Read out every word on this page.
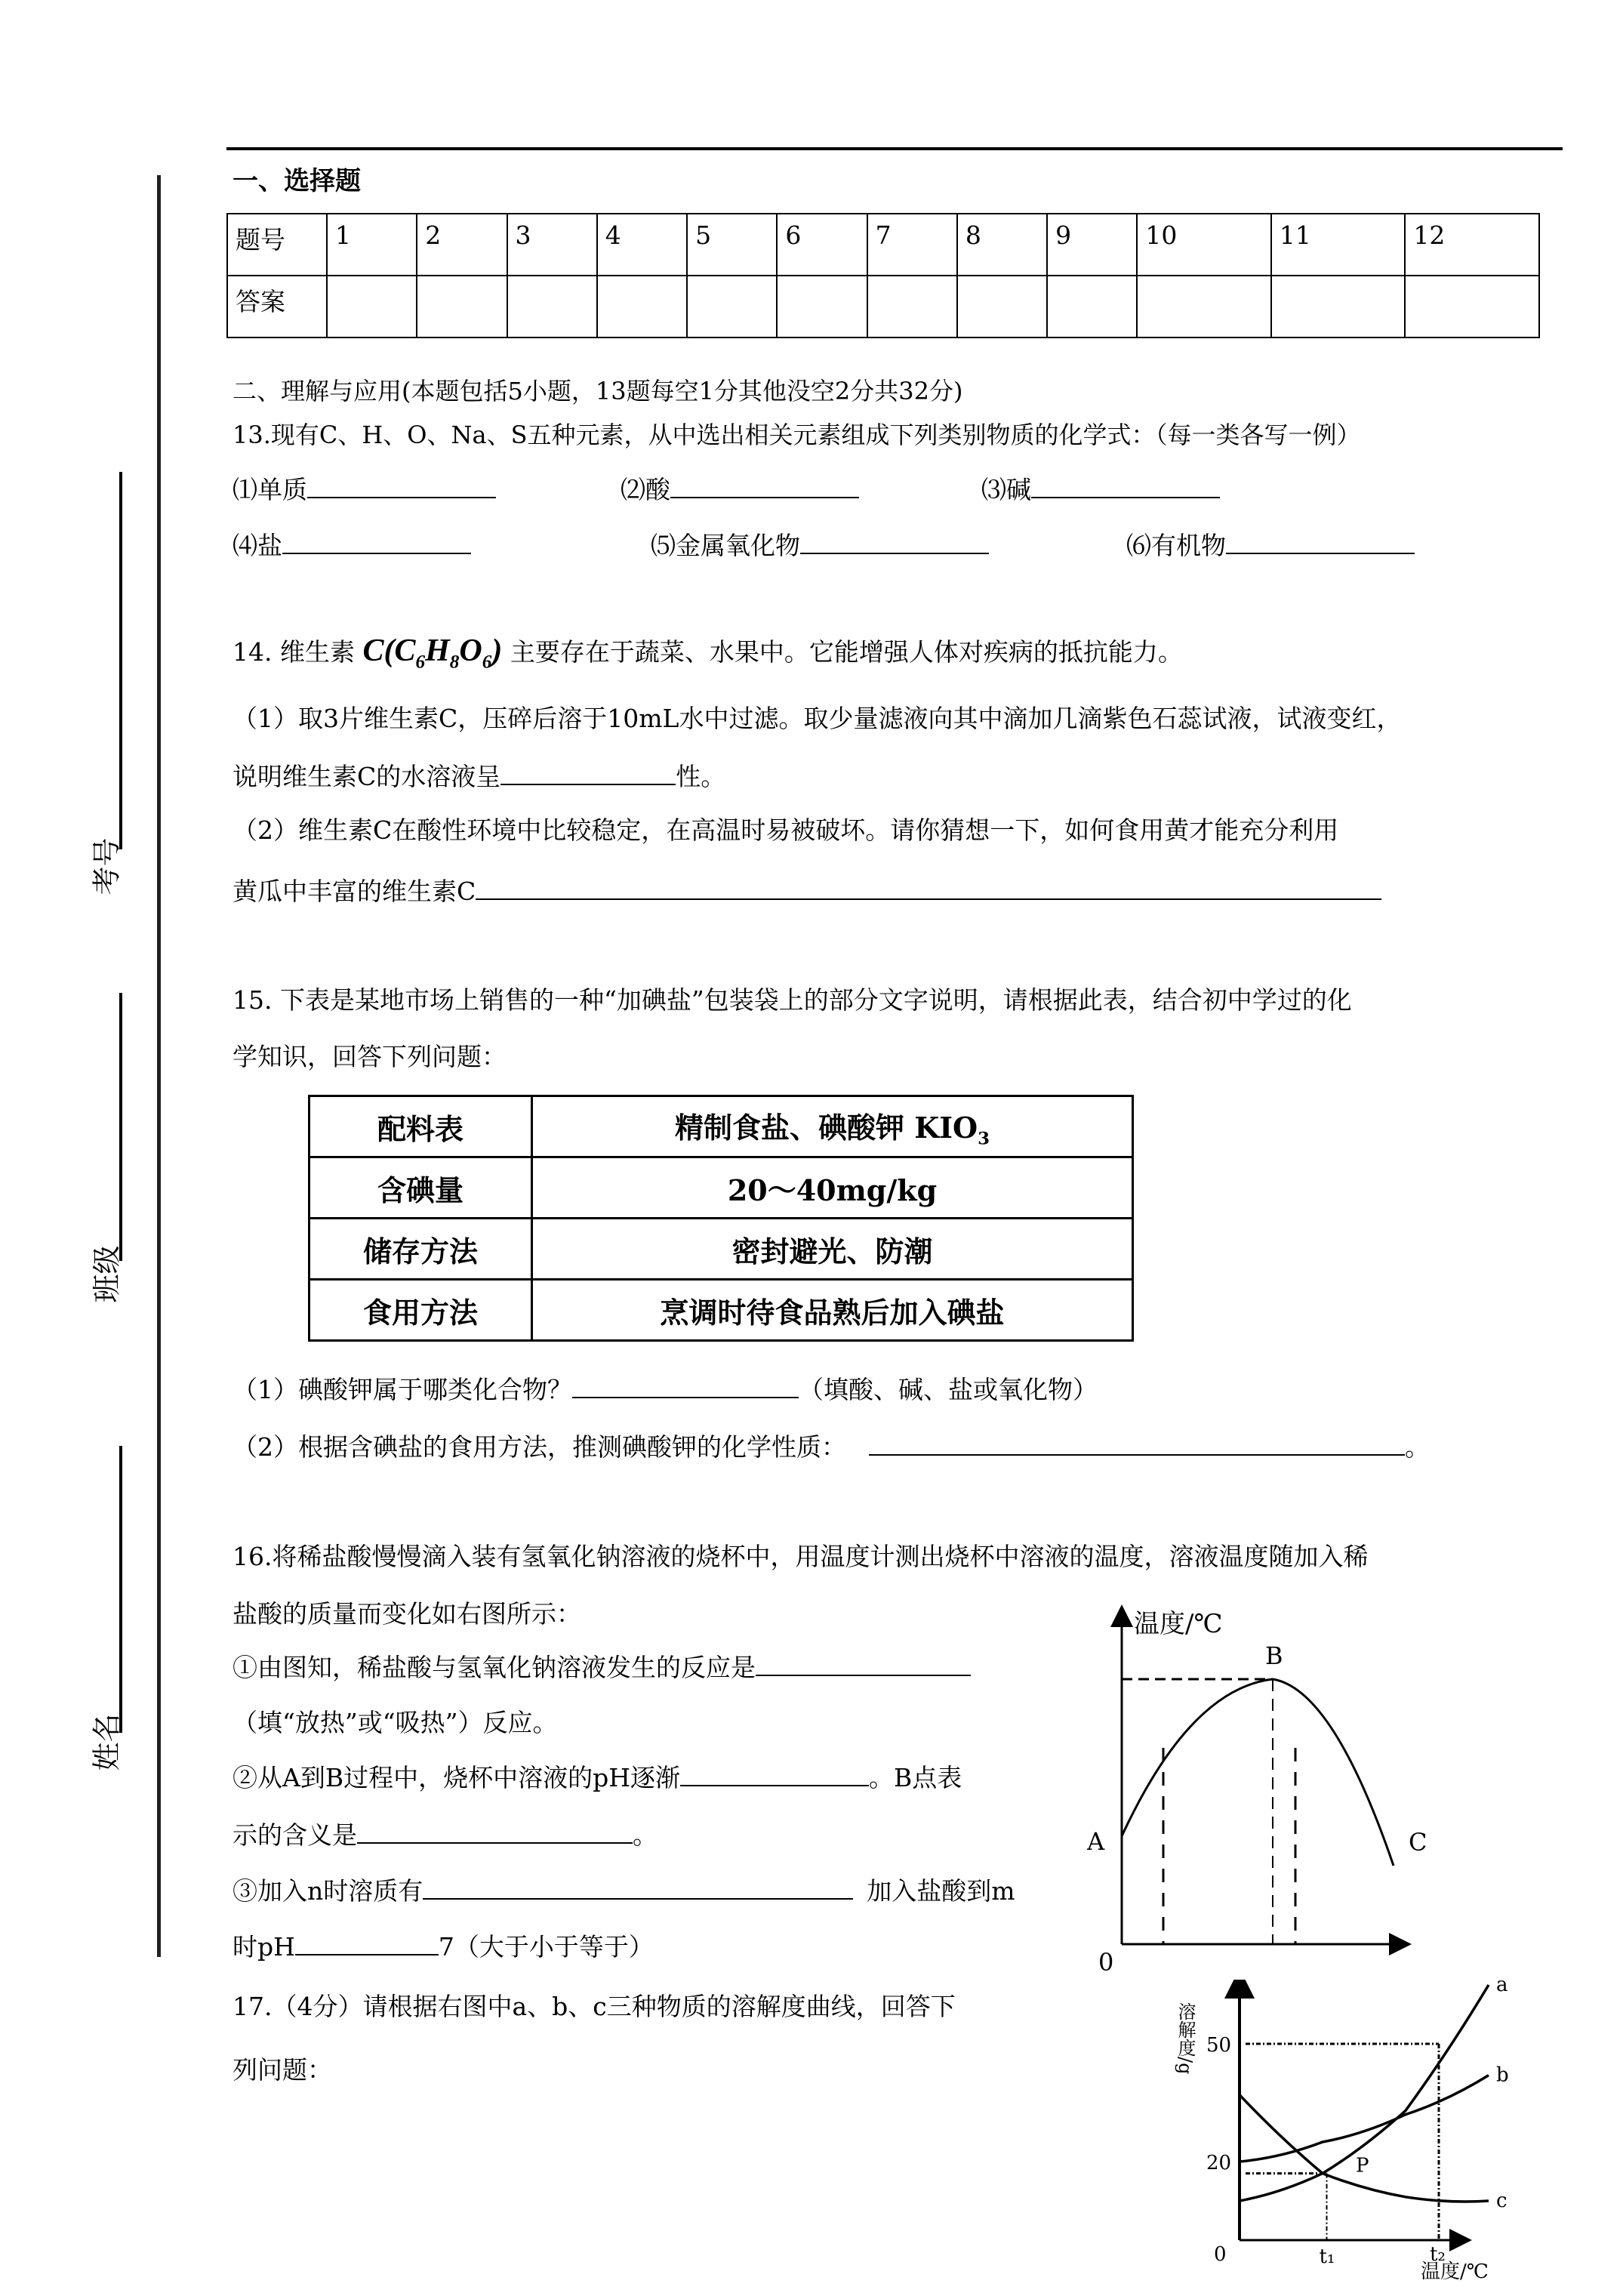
考号
班级
姓名
一、选择题
题号	1	2	3	4	5	6	7	8	9	10	11	12
答案												
二、理解与应用(本题包括5小题，13题每空1分其他没空2分共32分)
13.现有C、H、O、Na、S五种元素，从中选出相关元素组成下列类别物质的化学式：（每一类各写一例）
⑴单质	⑵酸	⑶碱
⑷盐	⑸金属氧化物	⑹有机物
14. 维生素 $C(C_6H_8O_6)$ 主要存在于蔬菜、水果中。它能增强人体对疾病的抵抗能力。
（1）取3片维生素C，压碎后溶于10mL水中过滤。取少量滤液向其中滴加几滴紫色石蕊试液，试液变红，
说明维生素C的水溶液呈	性。
（2）维生素C在酸性环境中比较稳定，在高温时易被破坏。请你猜想一下，如何食用黄才能充分利用
黄瓜中丰富的维生素C
15. 下表是某地市场上销售的一种“加碘盐”包装袋上的部分文字说明，请根据此表，结合初中学过的化
学知识，回答下列问题：
配料表	精制食盐、碘酸钾 $KIO_3$
含碘量	20～40mg/kg
储存方法	密封避光、防潮
食用方法	烹调时待食品熟后加入碘盐
（1）碘酸钾属于哪类化合物？	（填酸、碱、盐或氧化物）
（2）根据含碘盐的食用方法，推测碘酸钾的化学性质：	。
16.将稀盐酸慢慢滴入装有氢氧化钠溶液的烧杯中，用温度计测出烧杯中溶液的温度，溶液温度随加入稀
盐酸的质量而变化如右图所示：
①由图知，稀盐酸与氢氧化钠溶液发生的反应是
（填“放热”或“吸热”）反应。
②从A到B过程中，烧杯中溶液的pH逐渐	。B点表
示的含义是	。
③加入n时溶质有	加入盐酸到m
时pH	7（大于小于等于）
17.（4分）请根据右图中a、b、c三种物质的溶解度曲线，回答下
列问题：
温度/℃
0
A
B
C
溶解度/g
温度/℃
0
a
b
c
50
20
t₁	t₂
P
